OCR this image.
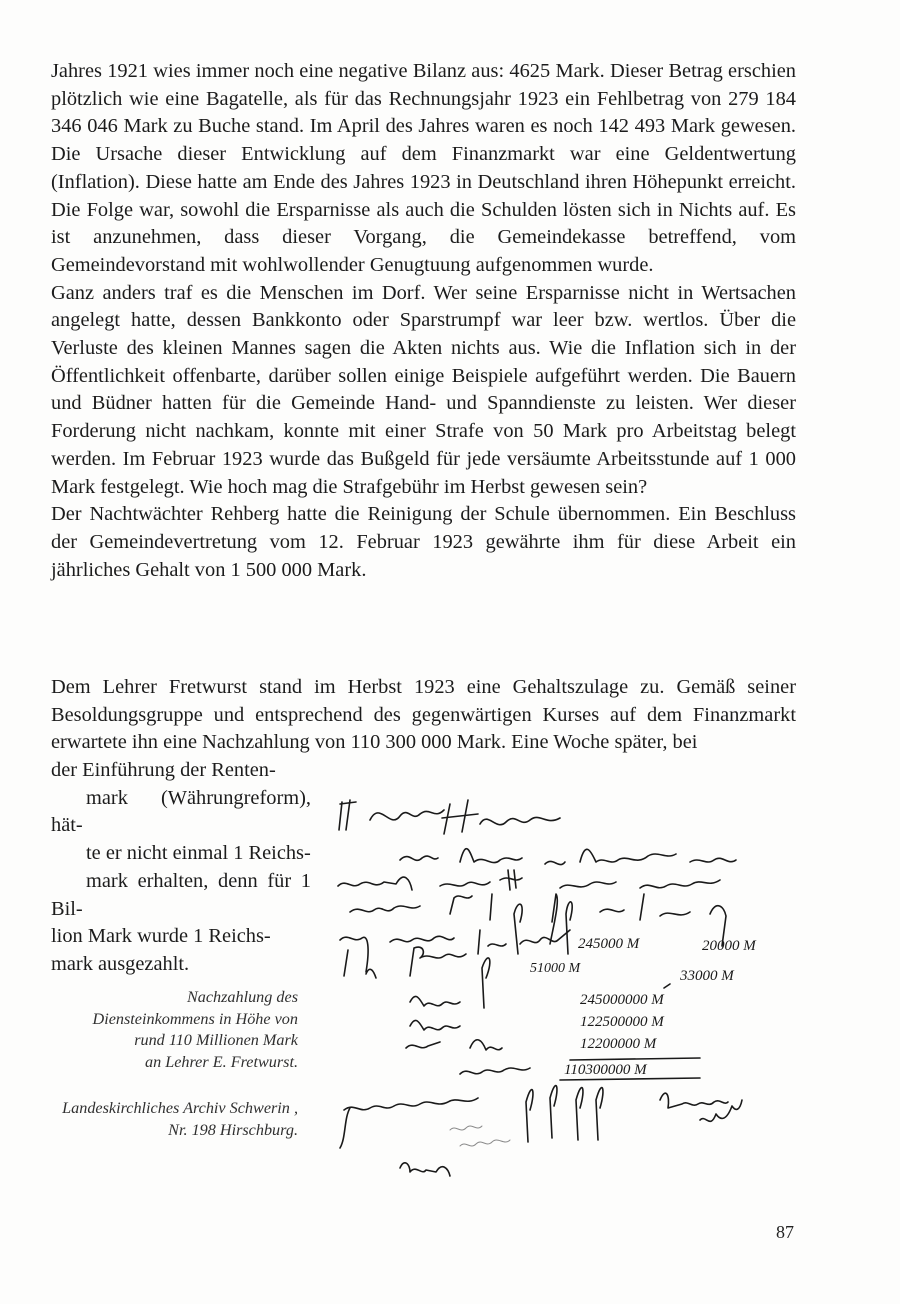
Jahres 1921 wies immer noch eine negative Bilanz aus: 4625 Mark. Dieser Betrag erschien plötzlich wie eine Bagatelle, als für das Rechnungsjahr 1923 ein Fehlbetrag von 279 184 346 046 Mark zu Buche stand. Im April des Jahres waren es noch 142 493 Mark gewesen. Die Ursache dieser Entwicklung auf dem Finanzmarkt war eine Geldentwertung (Inflation). Diese hatte am Ende des Jahres 1923 in Deutschland ihren Höhepunkt erreicht. Die Folge war, sowohl die Ersparnisse als auch die Schulden lösten sich in Nichts auf. Es ist anzunehmen, dass dieser Vorgang, die Gemeindekasse betreffend, vom Gemeindevorstand mit wohlwollender Genugtuung aufgenommen wurde.

Ganz anders traf es die Menschen im Dorf. Wer seine Ersparnisse nicht in Wertsachen angelegt hatte, dessen Bankkonto oder Sparstrumpf war leer bzw. wertlos. Über die Verluste des kleinen Mannes sagen die Akten nichts aus. Wie die Inflation sich in der Öffentlichkeit offenbarte, darüber sollen einige Beispiele aufgeführt werden. Die Bauern und Büdner hatten für die Gemeinde Hand- und Spanndienste zu leisten. Wer dieser Forderung nicht nachkam, konnte mit einer Strafe von 50 Mark pro Arbeitstag belegt werden. Im Februar 1923 wurde das Bußgeld für jede versäumte Arbeitsstunde auf 1 000 Mark festgelegt. Wie hoch mag die Strafgebühr im Herbst gewesen sein?

Der Nachtwächter Rehberg hatte die Reinigung der Schule übernommen. Ein Beschluss der Gemeindevertretung vom 12. Februar 1923 gewährte ihm für diese Arbeit ein jährliches Gehalt von 1 500 000 Mark.

Dem Lehrer Fretwurst stand im Herbst 1923 eine Gehaltszulage zu. Gemäß seiner Besoldungsgruppe und entsprechend des gegenwärtigen Kurses auf dem Finanzmarkt erwartete ihn eine Nachzahlung von 110 300 000 Mark. Eine Woche später, bei

der Einführung der Renten-
mark (Währungreform), hät-
te er nicht einmal 1 Reichs-
mark erhalten, denn für 1 Bil-
lion Mark wurde 1 Reichs-
mark ausgezahlt.
Nachzahlung des
Diensteinkommens in Höhe von
rund 110 Millionen Mark
an Lehrer E. Fretwurst.
Landeskirchliches Archiv Schwerin ,
Nr. 198 Hirschburg.
245000 M	20000 M
51000 M	33000 M
245000000 M
122500000 M
12200000 M
110300000 M
87
